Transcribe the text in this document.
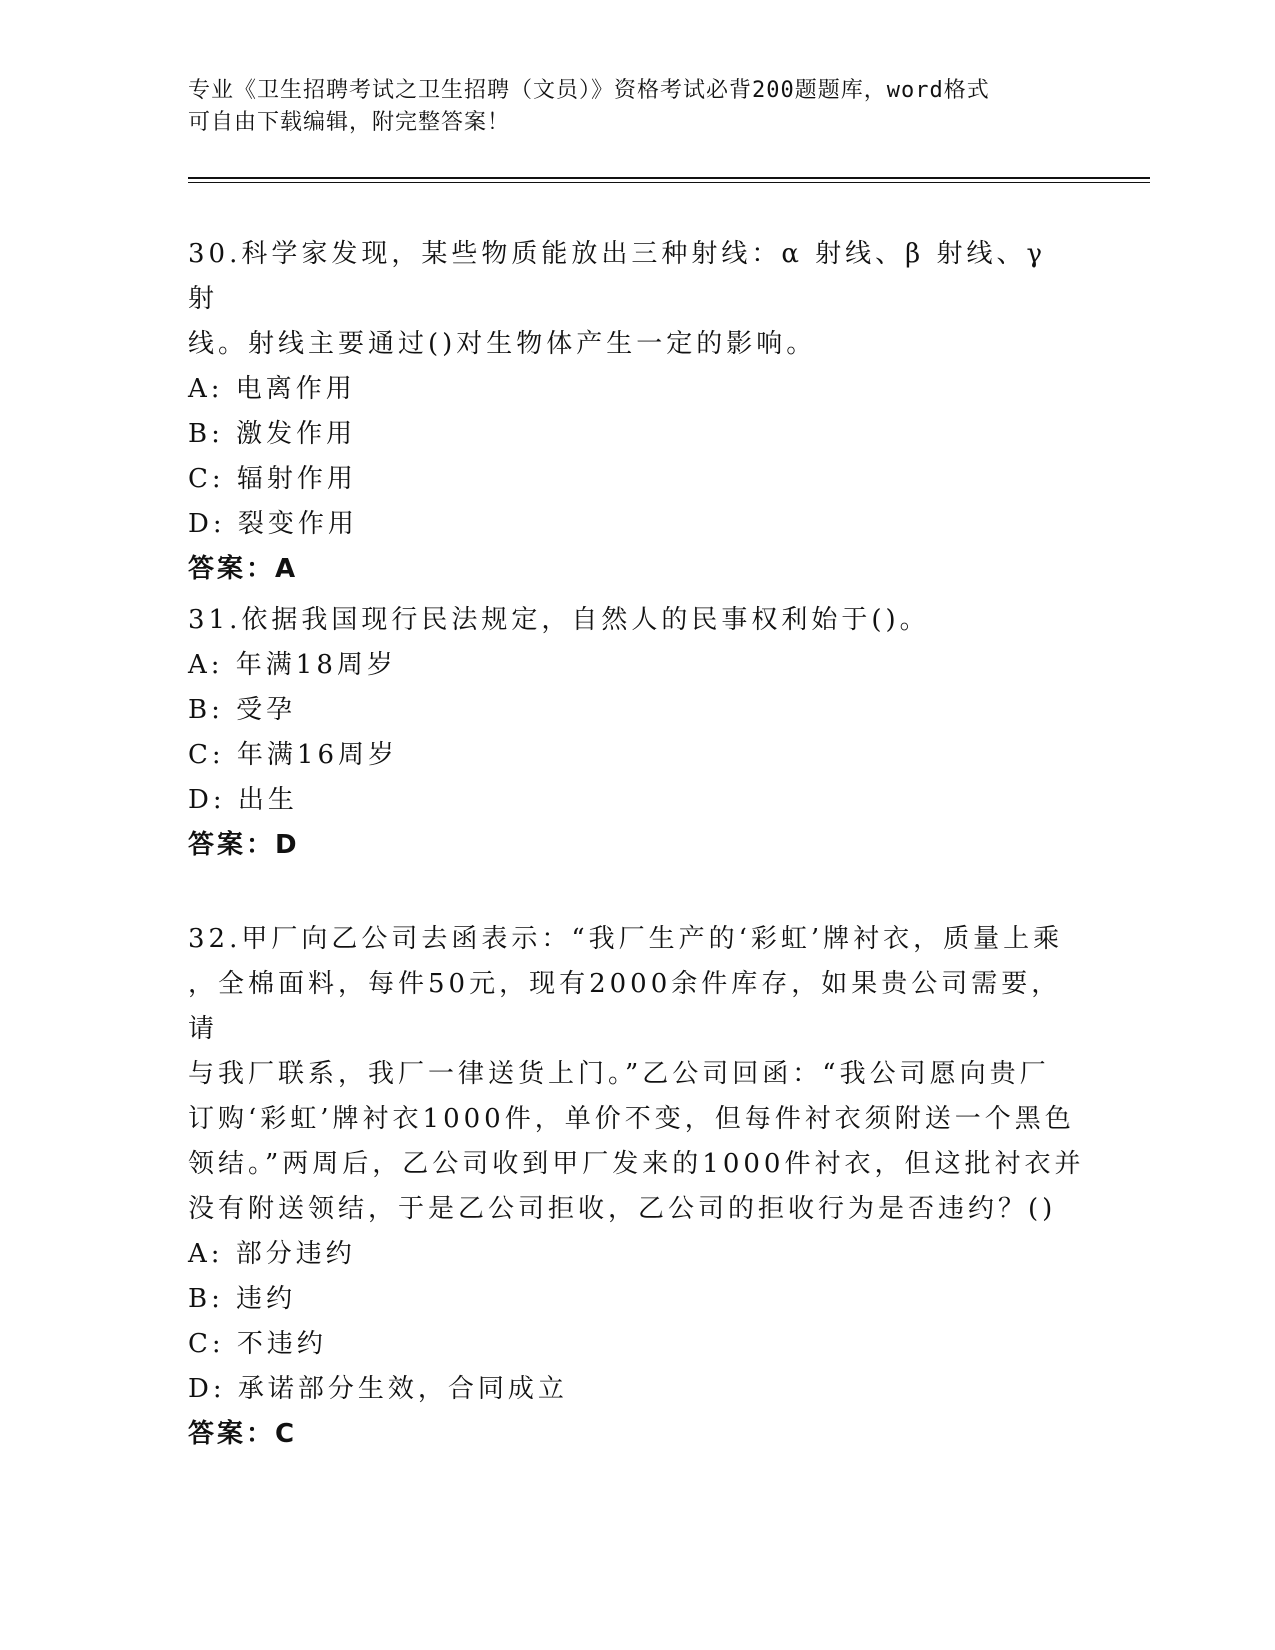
专业《卫生招聘考试之卫生招聘（文员）》资格考试必背200题题库，word格式
可自由下载编辑，附完整答案！

30.科学家发现，某些物质能放出三种射线：α 射线、β 射线、γ 射

线。射线主要通过()对生物体产生一定的影响。

A: 电离作用

B: 激发作用

C: 辐射作用

D: 裂变作用

答案：A

31.依据我国现行民法规定，自然人的民事权利始于()。

A: 年满18周岁

B: 受孕

C: 年满16周岁

D: 出生

答案：D

32.甲厂向乙公司去函表示：“我厂生产的‘彩虹’牌衬衣，质量上乘

，全棉面料，每件50元，现有2000余件库存，如果贵公司需要，请

与我厂联系，我厂一律送货上门。”乙公司回函：“我公司愿向贵厂

订购‘彩虹’牌衬衣1000件，单价不变，但每件衬衣须附送一个黑色

领结。”两周后，乙公司收到甲厂发来的1000件衬衣，但这批衬衣并

没有附送领结，于是乙公司拒收，乙公司的拒收行为是否违约？()

A: 部分违约

B: 违约

C: 不违约

D: 承诺部分生效，合同成立

答案：C
